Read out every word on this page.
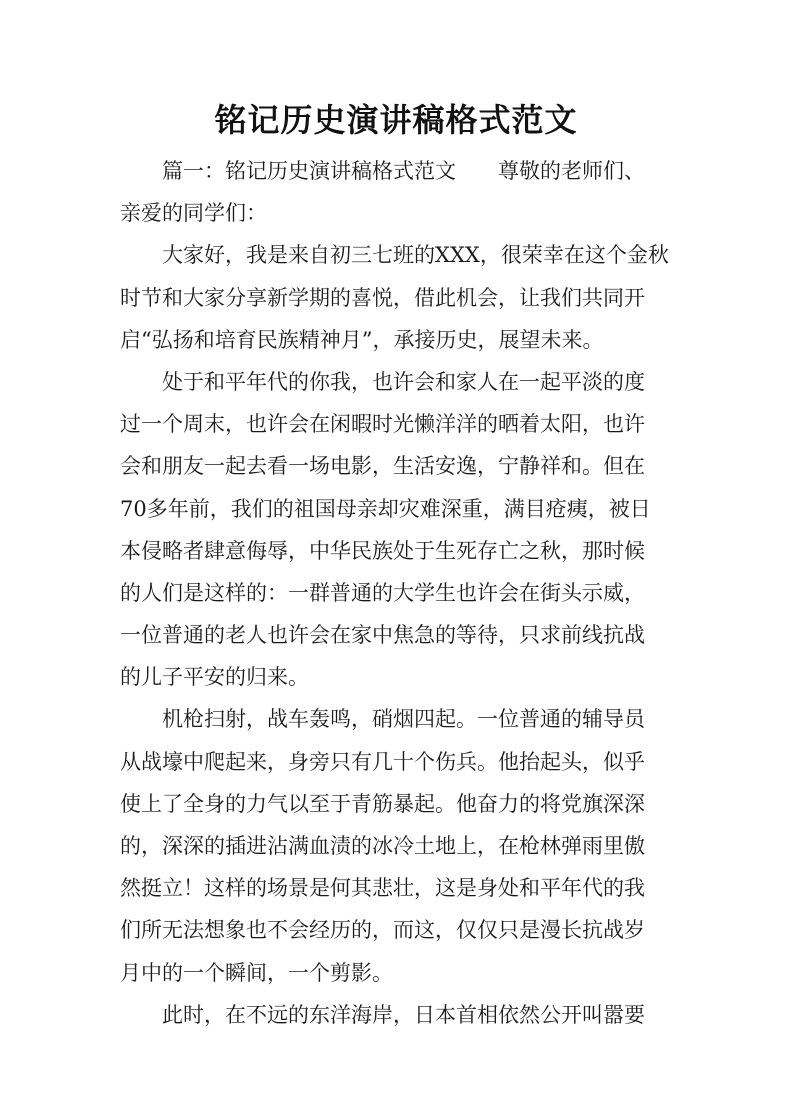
铭记历史演讲稿格式范文
篇一：铭记历史演讲稿格式范文 尊敬的老师们、
亲爱的同学们：
大家好，我是来自初三七班的XXX，很荣幸在这个金秋
时节和大家分享新学期的喜悦，借此机会，让我们共同开
启“弘扬和培育民族精神月”，承接历史，展望未来。
处于和平年代的你我，也许会和家人在一起平淡的度
过一个周末，也许会在闲暇时光懒洋洋的晒着太阳，也许
会和朋友一起去看一场电影，生活安逸，宁静祥和。但在
70多年前，我们的祖国母亲却灾难深重，满目疮痍，被日
本侵略者肆意侮辱，中华民族处于生死存亡之秋，那时候
的人们是这样的：一群普通的大学生也许会在街头示威，
一位普通的老人也许会在家中焦急的等待，只求前线抗战
的儿子平安的归来。
机枪扫射，战车轰鸣，硝烟四起。一位普通的辅导员
从战壕中爬起来，身旁只有几十个伤兵。他抬起头，似乎
使上了全身的力气以至于青筋暴起。他奋力的将党旗深深
的，深深的插进沾满血渍的冰冷土地上，在枪林弹雨里傲
然挺立！这样的场景是何其悲壮，这是身处和平年代的我
们所无法想象也不会经历的，而这，仅仅只是漫长抗战岁
月中的一个瞬间，一个剪影。
此时，在不远的东洋海岸，日本首相依然公开叫嚣要
